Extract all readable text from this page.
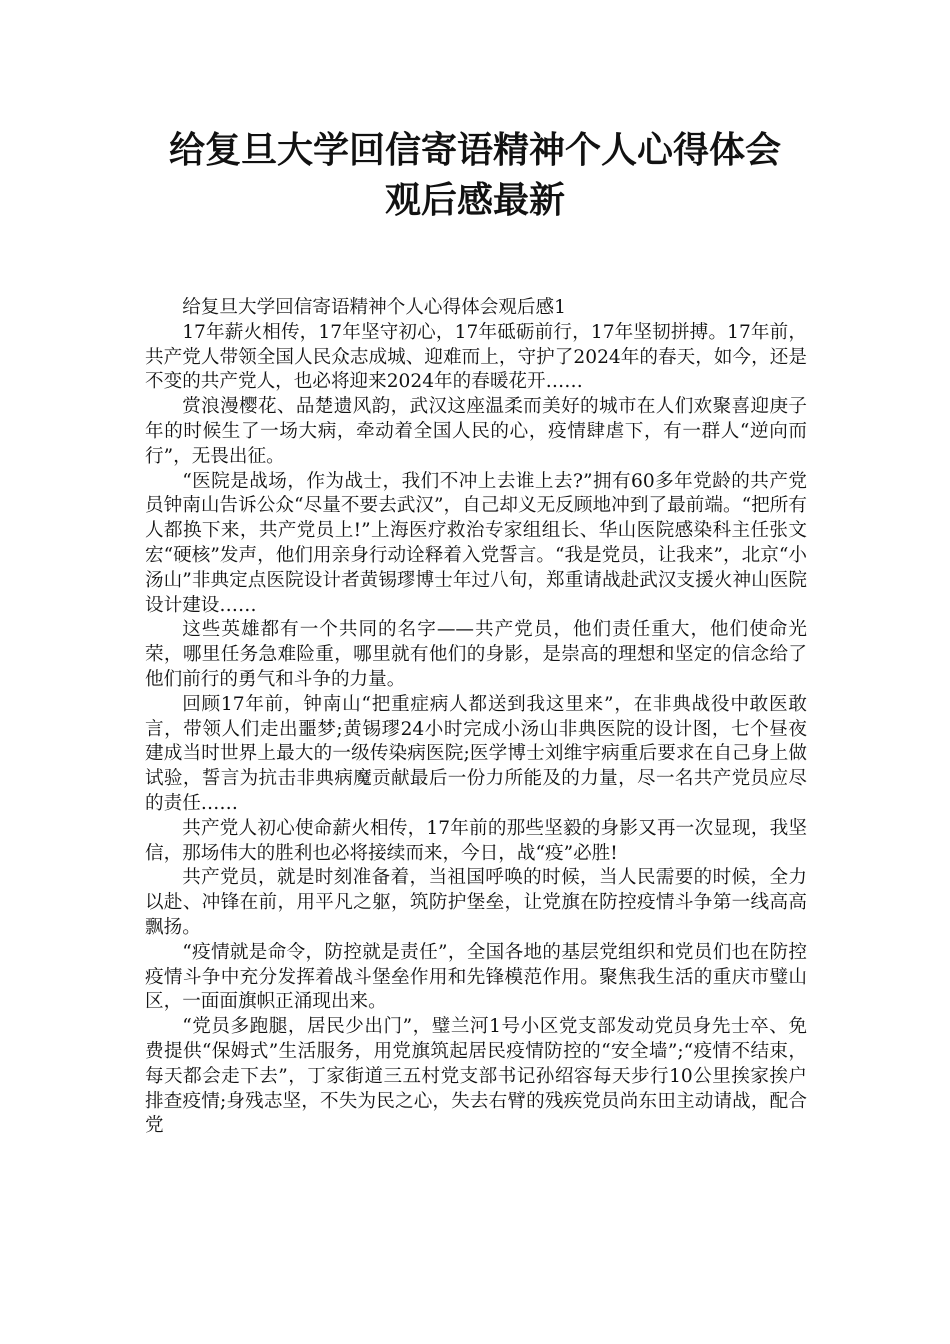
给复旦大学回信寄语精神个人心得体会
观后感最新

给复旦大学回信寄语精神个人心得体会观后感1

17年薪火相传，17年坚守初心，17年砥砺前行，17年坚韧拼搏。17年前，共产党人带领全国人民众志成城、迎难而上，守护了2024年的春天，如今，还是不变的共产党人，也必将迎来2024年的春暖花开……

赏浪漫樱花、品楚遗风韵，武汉这座温柔而美好的城市在人们欢聚喜迎庚子年的时候生了一场大病，牵动着全国人民的心，疫情肆虐下，有一群人“逆向而行”，无畏出征。

“医院是战场，作为战士，我们不冲上去谁上去?”拥有60多年党龄的共产党员钟南山告诉公众“尽量不要去武汉”，自己却义无反顾地冲到了最前端。“把所有人都换下来，共产党员上!”上海医疗救治专家组组长、华山医院感染科主任张文宏“硬核”发声，他们用亲身行动诠释着入党誓言。“我是党员，让我来”，北京“小汤山”非典定点医院设计者黄锡璆博士年过八旬，郑重请战赴武汉支援火神山医院设计建设……

这些英雄都有一个共同的名字——共产党员，他们责任重大，他们使命光荣，哪里任务急难险重，哪里就有他们的身影，是崇高的理想和坚定的信念给了他们前行的勇气和斗争的力量。

回顾17年前，钟南山“把重症病人都送到我这里来”，在非典战役中敢医敢言，带领人们走出噩梦;黄锡璆24小时完成小汤山非典医院的设计图，七个昼夜建成当时世界上最大的一级传染病医院;医学博士刘维宇病重后要求在自己身上做试验，誓言为抗击非典病魔贡献最后一份力所能及的力量，尽一名共产党员应尽的责任……

共产党人初心使命薪火相传，17年前的那些坚毅的身影又再一次显现，我坚信，那场伟大的胜利也必将接续而来，今日，战“疫”必胜!

共产党员，就是时刻准备着，当祖国呼唤的时候，当人民需要的时候，全力以赴、冲锋在前，用平凡之躯，筑防护堡垒，让党旗在防控疫情斗争第一线高高飘扬。

“疫情就是命令，防控就是责任”，全国各地的基层党组织和党员们也在防控疫情斗争中充分发挥着战斗堡垒作用和先锋模范作用。聚焦我生活的重庆市璧山区，一面面旗帜正涌现出来。

“党员多跑腿，居民少出门”，璧兰河1号小区党支部发动党员身先士卒、免费提供“保姆式”生活服务，用党旗筑起居民疫情防控的“安全墙”;“疫情不结束，每天都会走下去”，丁家街道三五村党支部书记孙绍容每天步行10公里挨家挨户排查疫情;身残志坚，不失为民之心，失去右臂的残疾党员尚东田主动请战，配合党
